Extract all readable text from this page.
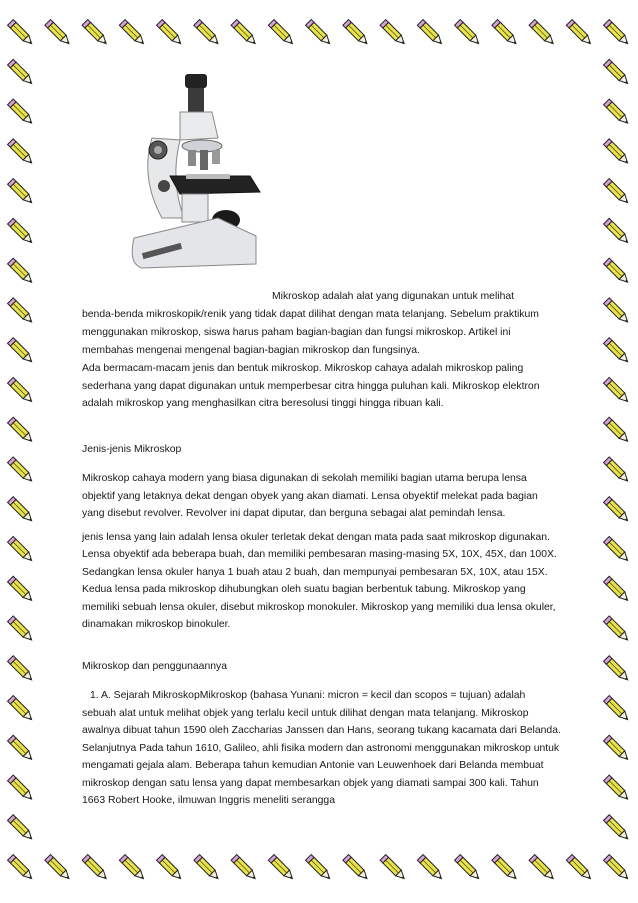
Mikroskop adalah alat yang digunakan untuk melihat
benda-benda mikroskopik/renik yang tidak dapat dilihat dengan mata telanjang. Sebelum praktikum menggunakan mikroskop, siswa harus paham bagian-bagian dan fungsi mikroskop. Artikel ini membahas mengenai mengenal bagian-bagian mikroskop dan fungsinya.

Ada bermacam-macam jenis dan bentuk mikroskop. Mikroskop cahaya adalah mikroskop paling sederhana yang dapat digunakan untuk memperbesar citra hingga puluhan kali. Mikroskop elektron adalah mikroskop yang menghasilkan citra beresolusi tinggi hingga ribuan kali.

Jenis-jenis Mikroskop

Mikroskop cahaya modern yang biasa digunakan di sekolah memiliki bagian utama berupa lensa objektif yang letaknya dekat dengan obyek yang akan diamati. Lensa obyektif melekat pada bagian yang disebut revolver. Revolver ini dapat diputar, dan berguna sebagai alat pemindah lensa.

jenis lensa yang lain adalah lensa okuler terletak dekat dengan mata pada saat mikroskop digunakan. Lensa obyektif ada beberapa buah, dan memiliki pembesaran masing-masing 5X, 10X, 45X, dan 100X. Sedangkan lensa okuler hanya 1 buah atau 2 buah, dan mempunyai pembesaran 5X, 10X, atau 15X. Kedua lensa pada mikroskop dihubungkan oleh suatu bagian berbentuk tabung. Mikroskop yang memiliki sebuah lensa okuler, disebut mikroskop monokuler. Mikroskop yang memiliki dua lensa okuler, dinamakan mikroskop binokuler.

Mikroskop dan penggunaannya

1. A. Sejarah MikroskopMikroskop (bahasa Yunani: micron = kecil dan scopos = tujuan) adalah sebuah alat untuk melihat objek yang terlalu kecil untuk dilihat dengan mata telanjang. Mikroskop awalnya dibuat tahun 1590 oleh Zaccharias Janssen dan Hans, seorang tukang kacamata dari Belanda. Selanjutnya Pada tahun 1610, Galileo, ahli fisika modern dan astronomi menggunakan mikroskop untuk mengamati gejala alam. Beberapa tahun kemudian Antonie van Leuwenhoek dari Belanda membuat mikroskop dengan satu lensa yang dapat membesarkan objek yang diamati sampai 300 kali. Tahun 1663 Robert Hooke, ilmuwan Inggris meneliti serangga
